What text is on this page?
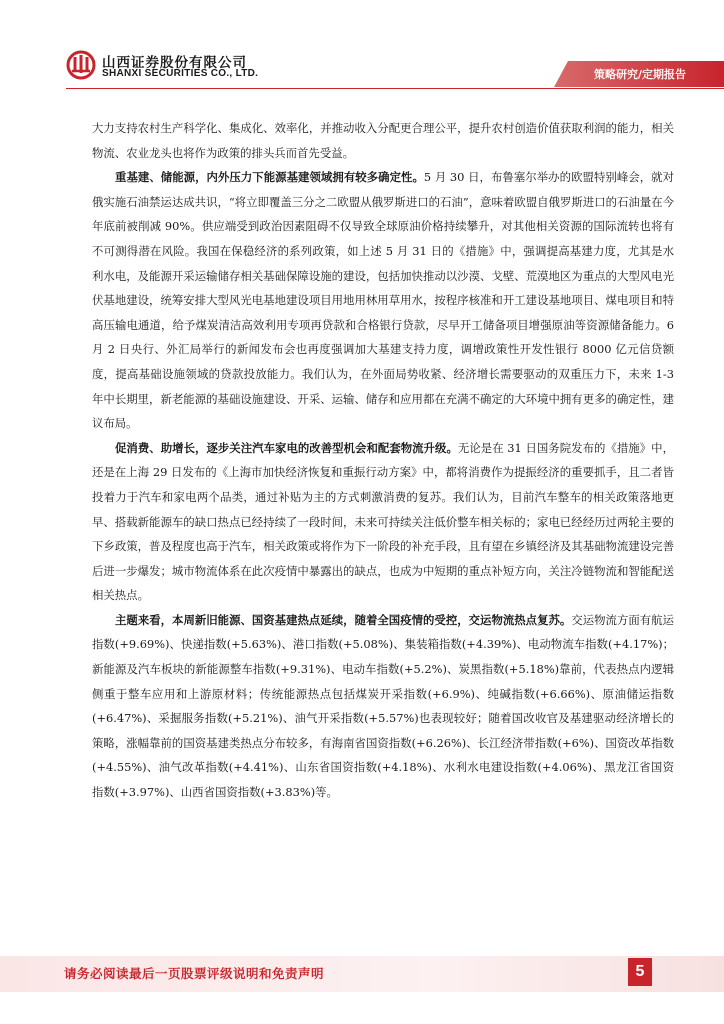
山西证券股份有限公司
SHANXI SECURITIES CO., LTD.	策略研究/定期报告

大力支持农村生产科学化、集成化、效率化，并推动收入分配更合理公平，提升农村创造价值获取利润的能力，相关物流、农业龙头也将作为政策的排头兵而首先受益。

重基建、储能源，内外压力下能源基建领域拥有较多确定性。5 月 30 日，布鲁塞尔举办的欧盟特别峰会，就对俄实施石油禁运达成共识，“将立即覆盖三分之二欧盟从俄罗斯进口的石油”，意味着欧盟自俄罗斯进口的石油量在今年底前被削减 90%。供应端受到政治因素阻碍不仅导致全球原油价格持续攀升，对其他相关资源的国际流转也将有不可测得潜在风险。我国在保稳经济的系列政策，如上述 5 月 31 日的《措施》中，强调提高基建力度，尤其是水利水电，及能源开采运输储存相关基础保障设施的建设，包括加快推动以沙漠、戈壁、荒漠地区为重点的大型风电光伏基地建设，统筹安排大型风光电基地建设项目用地用林用草用水，按程序核准和开工建设基地项目、煤电项目和特高压输电通道，给予煤炭清洁高效利用专项再贷款和合格银行贷款，尽早开工储备项目增强原油等资源储备能力。6 月 2 日央行、外汇局举行的新闻发布会也再度强调加大基建支持力度，调增政策性开发性银行 8000 亿元信贷额度，提高基础设施领域的贷款投放能力。我们认为，在外面局势收紧、经济增长需要驱动的双重压力下，未来 1-3 年中长期里，新老能源的基础设施建设、开采、运输、储存和应用都在充满不确定的大环境中拥有更多的确定性，建议布局。

促消费、助增长，逐步关注汽车家电的改善型机会和配套物流升级。无论是在 31 日国务院发布的《措施》中，还是在上海 29 日发布的《上海市加快经济恢复和重振行动方案》中，都将消费作为提振经济的重要抓手，且二者皆投着力于汽车和家电两个品类，通过补贴为主的方式刺激消费的复苏。我们认为，目前汽车整车的相关政策落地更早、搭载新能源车的缺口热点已经持续了一段时间，未来可持续关注低价整车相关标的；家电已经经历过两轮主要的下乡政策，普及程度也高于汽车，相关政策或将作为下一阶段的补充手段，且有望在乡镇经济及其基础物流建设完善后进一步爆发；城市物流体系在此次疫情中暴露出的缺点，也成为中短期的重点补短方向，关注冷链物流和智能配送相关热点。

主题来看，本周新旧能源、国资基建热点延续，随着全国疫情的受控，交运物流热点复苏。交运物流方面有航运指数(+9.69%)、快递指数(+5.63%)、港口指数(+5.08%)、集装箱指数(+4.39%)、电动物流车指数(+4.17%)；新能源及汽车板块的新能源整车指数(+9.31%)、电动车指数(+5.2%)、炭黑指数(+5.18%)靠前，代表热点内逻辑侧重于整车应用和上游原材料；传统能源热点包括煤炭开采指数(+6.9%)、纯碱指数(+6.66%)、原油储运指数(+6.47%)、采掘服务指数(+5.21%)、油气开采指数(+5.57%)也表现较好；随着国改收官及基建驱动经济增长的策略，涨幅靠前的国资基建类热点分布较多，有海南省国资指数(+6.26%)、长江经济带指数(+6%)、国资改革指数(+4.55%)、油气改革指数(+4.41%)、山东省国资指数(+4.18%)、水利水电建设指数(+4.06%)、黑龙江省国资指数(+3.97%)、山西省国资指数(+3.83%)等。

请务必阅读最后一页股票评级说明和免责声明	5
